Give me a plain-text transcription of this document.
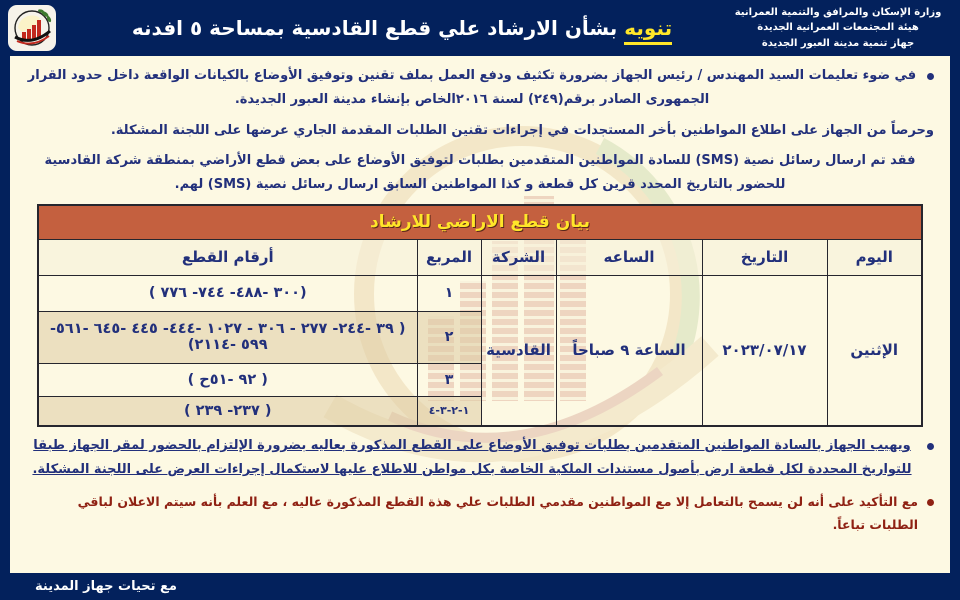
تنويه بشأن الارشاد علي قطع القادسية بمساحة ٥ افدنه
وزارة الإسكان والمرافق والتنمية العمرانية
هيئة المجتمعات العمرانية الجديدة
جهاز تنمية مدينة العبور الجديدة

في ضوء تعليمات السيد المهندس / رئيس الجهاز بضرورة تكثيف ودفع العمل بملف تقنين وتوفيق الأوضاع بالكيانات الواقعة داخل حدود القرار الجمهورى الصادر برقم(٢٤٩) لسنة ٢٠١٦الخاص بإنشاء مدينة العبور الجديدة.

وحرصاً من الجهاز على اطلاع المواطنين بأخر المستجدات في إجراءات تقنين الطلبات المقدمة الجاري عرضها على اللجنة المشكلة.

فقد تم ارسال رسائل نصية (SMS) للسادة المواطنين المتقدمين بطلبات لتوفيق الأوضاع على بعض قطع الأراضي بمنطقة شركة القادسية للحضور بالتاريخ المحدد قرين كل قطعة و كذا المواطنين السابق ارسال رسائل نصية (SMS) لهم.

بيان قطع الاراضي للارشاد					
اليوم	التاريخ	الساعه	الشركة	المربع	أرقام القطع
الإثنين	٢٠٢٣/٠٧/١٧	الساعة ٩ صباحاً	القادسية	١	(٣٠٠ -٤٨٨- ٧٤٤- ٧٧٦ )
				٢	( ٣٩ -٢٤٤- ٢٧٧ - ٣٠٦ - ١٠٢٧ -٤٤٤- ٤٤٥ -٦٤٥ -٥٦١- ٥٩٩ -٢١١٤)
				٣	( ٩٢ -٥١ح )
				١-٢-٣-٤	( ٢٣٧- ٢٣٩ )

ويهيب الجهاز بالسادة المواطنين المتقدمين بطلبات توفيق الأوضاع على القطع المذكورة بعاليه بضرورة الإلتزام بالحضور لمقر الجهاز طبقا للتواريخ المحددة لكل قطعة ارض بأصول مستندات الملكية الخاصة بكل مواطن للاطلاع عليها لاستكمال إجراءات العرض على اللجنة المشكلة.

مع التأكيد على أنه لن يسمح بالتعامل إلا مع المواطنين مقدمي الطلبات علي هذة القطع المذكورة عاليه ، مع العلم بأنه سيتم الاعلان لباقي الطلبات تباعاً.

مع تحيات جهاز المدينة
